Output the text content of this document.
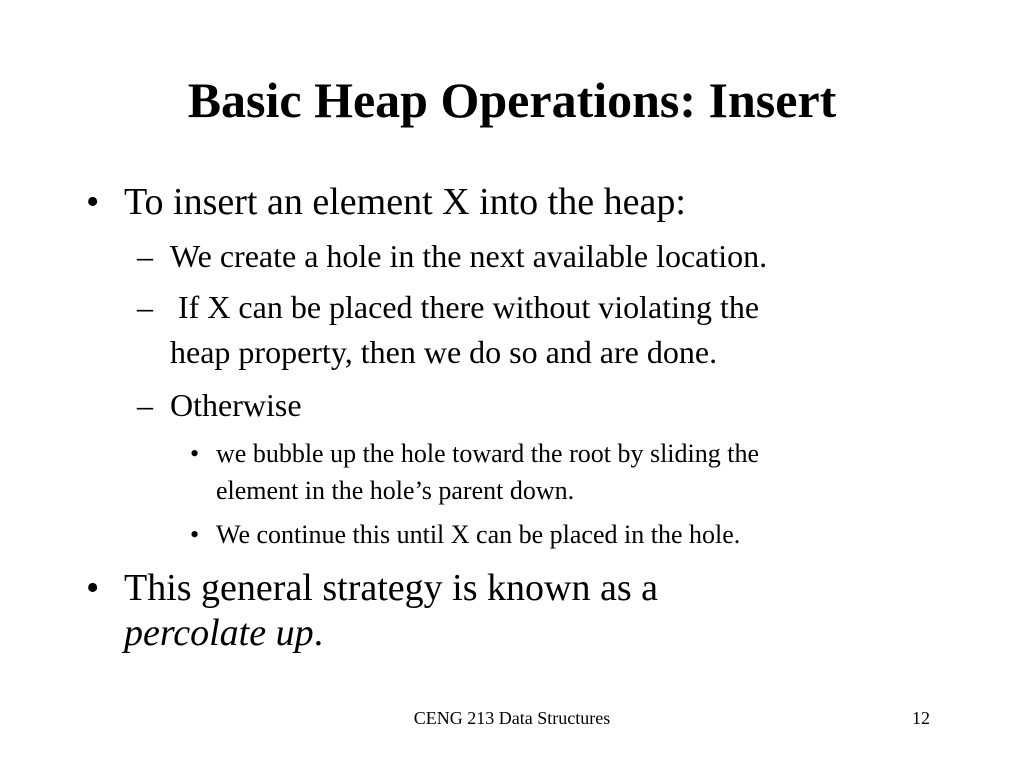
Basic Heap Operations: Insert
• To insert an element X into the heap:
– We create a hole in the next available location.
– If X can be placed there without violating the
heap property, then we do so and are done.
– Otherwise
• we bubble up the hole toward the root by sliding the
element in the hole’s parent down.
• We continue this until X can be placed in the hole.
• This general strategy is known as a
percolate up.
CENG 213 Data Structures	12
